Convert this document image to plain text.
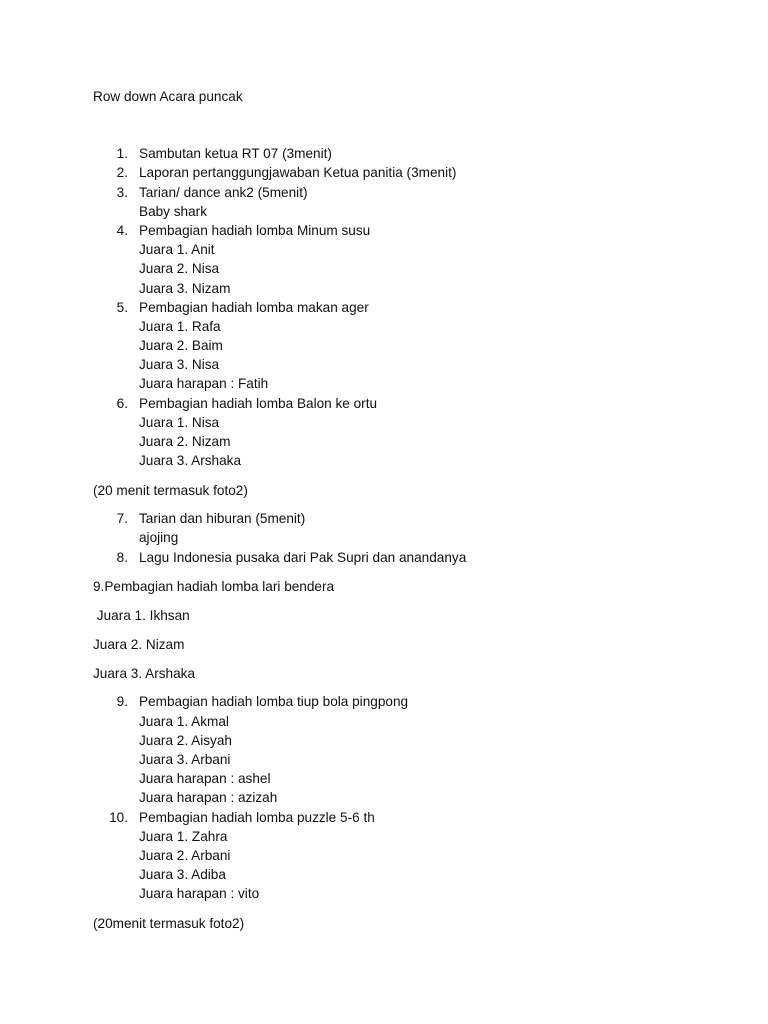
Row down Acara puncak
1. Sambutan ketua RT 07 (3menit)
2. Laporan pertanggungjawaban Ketua panitia (3menit)
3. Tarian/ dance ank2 (5menit)
Baby shark
4. Pembagian hadiah lomba Minum susu
Juara 1. Anit
Juara 2. Nisa
Juara 3. Nizam
5. Pembagian hadiah lomba makan ager
Juara 1. Rafa
Juara 2. Baim
Juara 3. Nisa
Juara harapan : Fatih
6. Pembagian hadiah lomba Balon ke ortu
Juara 1. Nisa
Juara 2. Nizam
Juara 3. Arshaka
(20 menit termasuk foto2)
7. Tarian dan hiburan (5menit)
ajojing
8. Lagu Indonesia pusaka dari Pak Supri dan anandanya
9.Pembagian hadiah lomba lari bendera
Juara 1. Ikhsan
Juara 2. Nizam
Juara 3. Arshaka
9. Pembagian hadiah lomba tiup bola pingpong
Juara 1. Akmal
Juara 2. Aisyah
Juara 3. Arbani
Juara harapan : ashel
Juara harapan : azizah
10. Pembagian hadiah lomba puzzle 5-6 th
Juara 1. Zahra
Juara 2. Arbani
Juara 3. Adiba
Juara harapan : vito
(20menit termasuk foto2)
